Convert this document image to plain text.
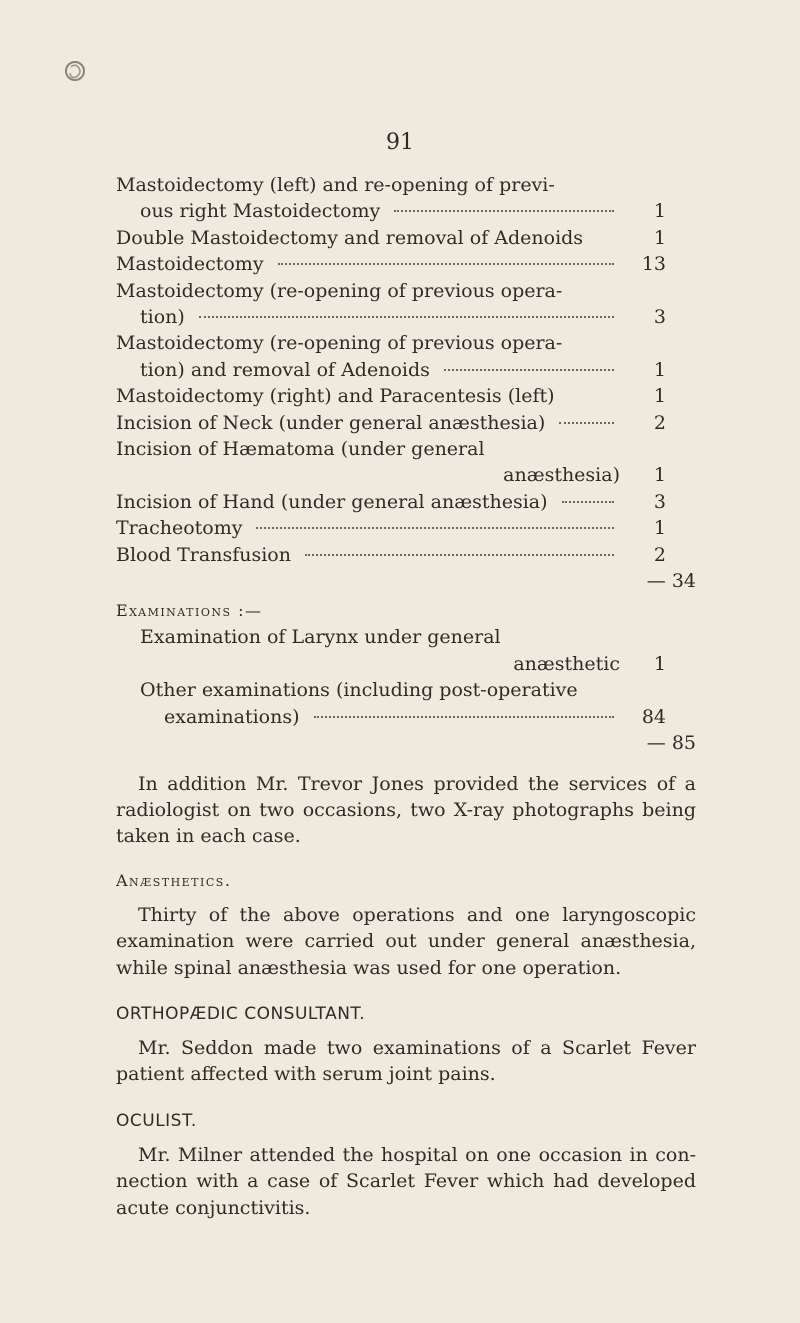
91
Mastoidectomy (left) and re-opening of previ-
ous right Mastoidectomy	1
Double Mastoidectomy and removal of Adenoids	1
Mastoidectomy	13
Mastoidectomy (re-opening of previous opera-
tion)	3
Mastoidectomy (re-opening of previous opera-
tion) and removal of Adenoids	1
Mastoidectomy (right) and Paracentesis (left)	1
Incision of Neck (under general anæsthesia)	2
Incision of Hæmatoma (under general
anæsthesia)	1
Incision of Hand (under general anæsthesia)	3
Tracheotomy	1
Blood Transfusion	2
— 34
Examinations :—
Examination of Larynx under general
anæsthetic	1
Other examinations (including post-operative
examinations)	84
— 85

In addition Mr. Trevor Jones provided the services of a radiologist on two occasions, two X-ray photographs being taken in each case.

Anæsthetics.

Thirty of the above operations and one laryngoscopic examination were carried out under general anæsthesia, while spinal anæsthesia was used for one operation.

ORTHOPÆDIC CONSULTANT.

Mr. Seddon made two examinations of a Scarlet Fever patient affected with serum joint pains.

OCULIST.

Mr. Milner attended the hospital on one occasion in con- nection with a case of Scarlet Fever which had developed acute conjunctivitis.
